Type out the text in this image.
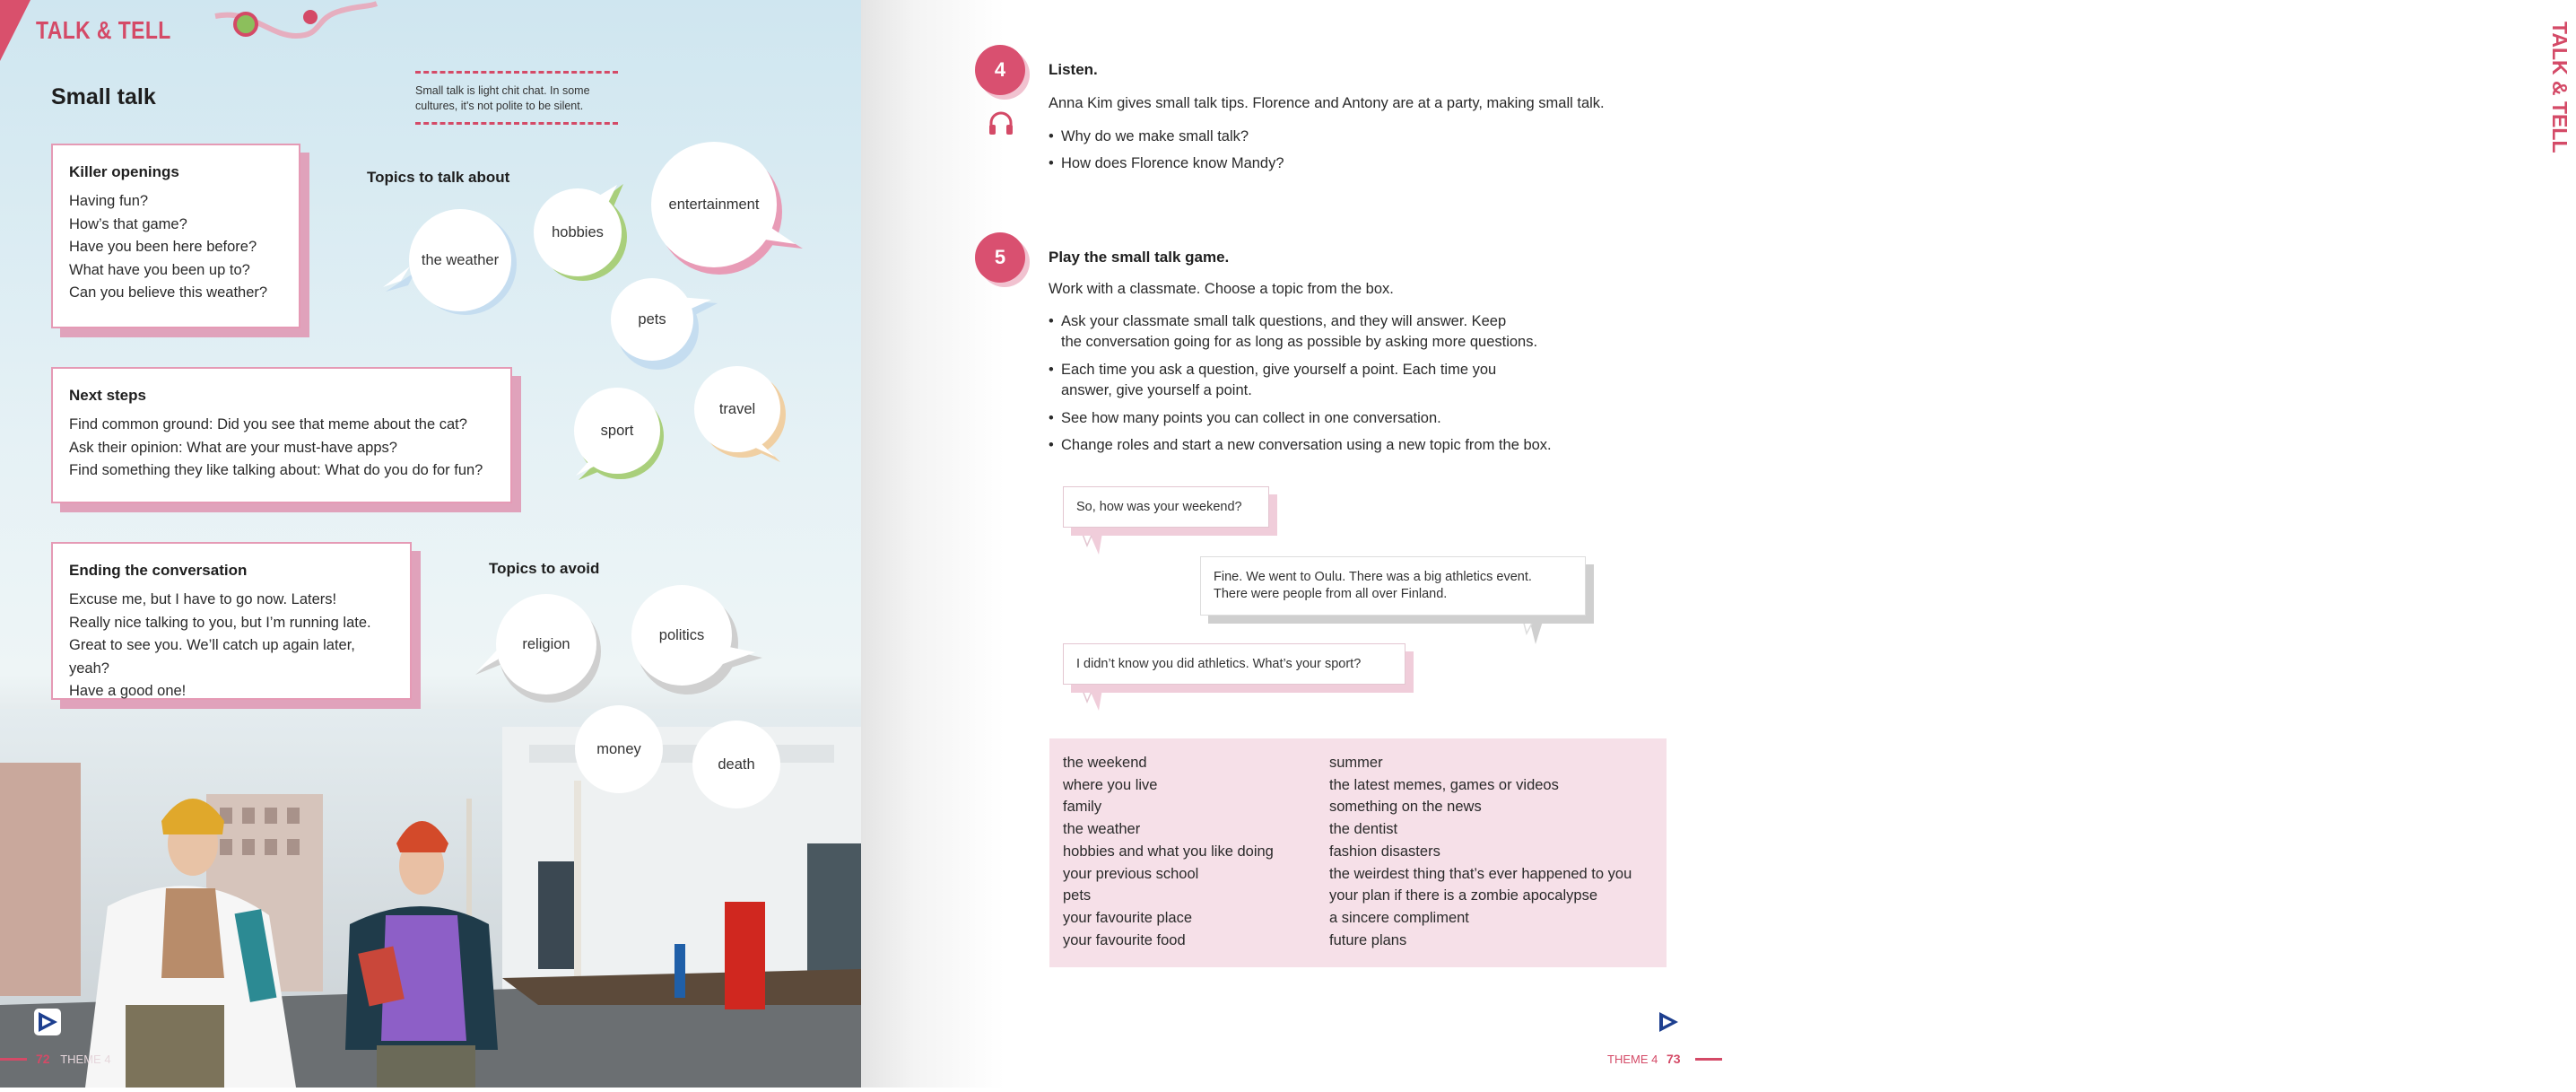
TALK & TELL
Small talk	Small talk is light chit chat. In some cultures, it's not polite to be silent.
Killer openings
Having fun?
How’s that game?
Have you been here before?
What have you been up to?
Can you believe this weather?
Next steps
Find common ground: Did you see that meme about the cat?
Ask their opinion: What are your must-have apps?
Find something they like talking about: What do you do for fun?
Ending the conversation
Excuse me, but I have to go now. Laters!
Really nice talking to you, but I’m running late.
Great to see you. We’ll catch up again later, yeah?
Have a good one!
Topics to talk about
the weather
hobbies
entertainment
pets
sport
travel
Topics to avoid
religion
politics
money
death
72 THEME 4
TALK & TELL
4	Listen.
Anna Kim gives small talk tips. Florence and Antony are at a party, making small talk.
• Why do we make small talk?
• How does Florence know Mandy?
5	Play the small talk game.
Work with a classmate. Choose a topic from the box.
• Ask your classmate small talk questions, and they will answer. Keep
the conversation going for as long as possible by asking more questions.
• Each time you ask a question, give yourself a point. Each time you
answer, give yourself a point.
• See how many points you can collect in one conversation.
• Change roles and start a new conversation using a new topic from the box.
So, how was your weekend?
Fine. We went to Oulu. There was a big athletics event.
There were people from all over Finland.
I didn’t know you did athletics. What’s your sport?
THEME 4 73
the weekend
where you live
family
the weather
hobbies and what you like doing
your previous school
pets
your favourite place
your favourite food
summer
the latest memes, games or videos
something on the news
the dentist
fashion disasters
the weirdest thing that’s ever happened to you
your plan if there is a zombie apocalypse
a sincere compliment
future plans
